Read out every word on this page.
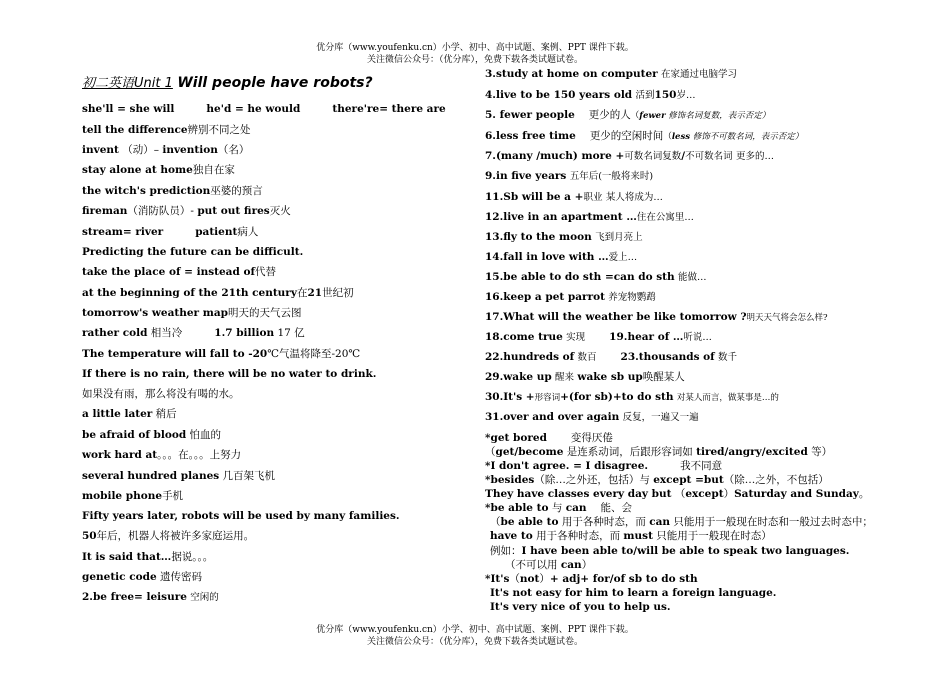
优分库（www.youfenku.cn）小学、初中、高中试题、案例、PPT 课件下载。
关注微信公众号：（优分库），免费下载各类试题试卷。
初二英语Unit 1 Will people have robots?
she'll = she will	he'd = he would	there're= there are
tell the difference辨别不同之处
invent （动）– invention（名）
stay alone at home独自在家
the witch's prediction巫婆的预言
fireman（消防队员）- put out fires灭火
stream= river	patient病人
Predicting the future can be difficult.
take the place of = instead of代替
at the beginning of the 21th century在21世纪初
tomorrow's weather map明天的天气云图
rather cold 相当冷	1.7 billion 17 亿
The temperature will fall to -20℃气温将降至-20℃
If there is no rain, there will be no water to drink.
如果没有雨，那么将没有喝的水。
a little later 稍后
be afraid of blood 怕血的
work hard at。。。在。。。上努力
several hundred planes 几百架飞机
mobile phone手机
Fifty years later, robots will be used by many families.
50年后，机器人将被许多家庭运用。
It is said that…据说。。。
genetic code 遗传密码
2.be free= leisure 空闲的
3.study at home on computer 在家通过电脑学习
4.live to be 150 years old 活到150岁…
5. fewer people 更少的人（fewer 修饰名词复数，表示否定）
6.less free time 更少的空闲时间（less 修饰不可数名词，表示否定）
7.(many /much) more +可数名词复数/不可数名词 更多的…
9.in five years 五年后(一般将来时)
11.Sb will be a +职业 某人将成为…
12.live in an apartment …住在公寓里…
13.fly to the moon 飞到月亮上
14.fall in love with …爱上…
15.be able to do sth =can do sth 能做…
16.keep a pet parrot 养宠物鹦鹉
17.What will the weather be like tomorrow ?明天天气将会怎么样?
18.come true 实现 19.hear of …听说…
22.hundreds of 数百 23.thousands of 数千
29.wake up 醒来 wake sb up唤醒某人
30.It's +形容词+(for sb)+to do sth 对某人而言，做某事是…的
31.over and over again 反复，一遍又一遍
*get bored 变得厌倦
（get/become 是连系动词，后跟形容词如 tired/angry/excited 等）
*I don't agree. = I disagree.	我不同意
*besides（除…之外还，包括）与 except =but（除…之外，不包括）
They have classes every day but （except）Saturday and Sunday。
*be able to 与 can 能、会
（be able to 用于各种时态，而 can 只能用于一般现在时态和一般过去时态中；
have to 用于各种时态，而 must 只能用于一般现在时态）
例如：I have been able to/will be able to speak two languages.
（不可以用 can）
*It's（not）+ adj+ for/of sb to do sth
It's not easy for him to learn a foreign language.
It's very nice of you to help us.
优分库（www.youfenku.cn）小学、初中、高中试题、案例、PPT 课件下载。
关注微信公众号：（优分库），免费下载各类试题试卷。
